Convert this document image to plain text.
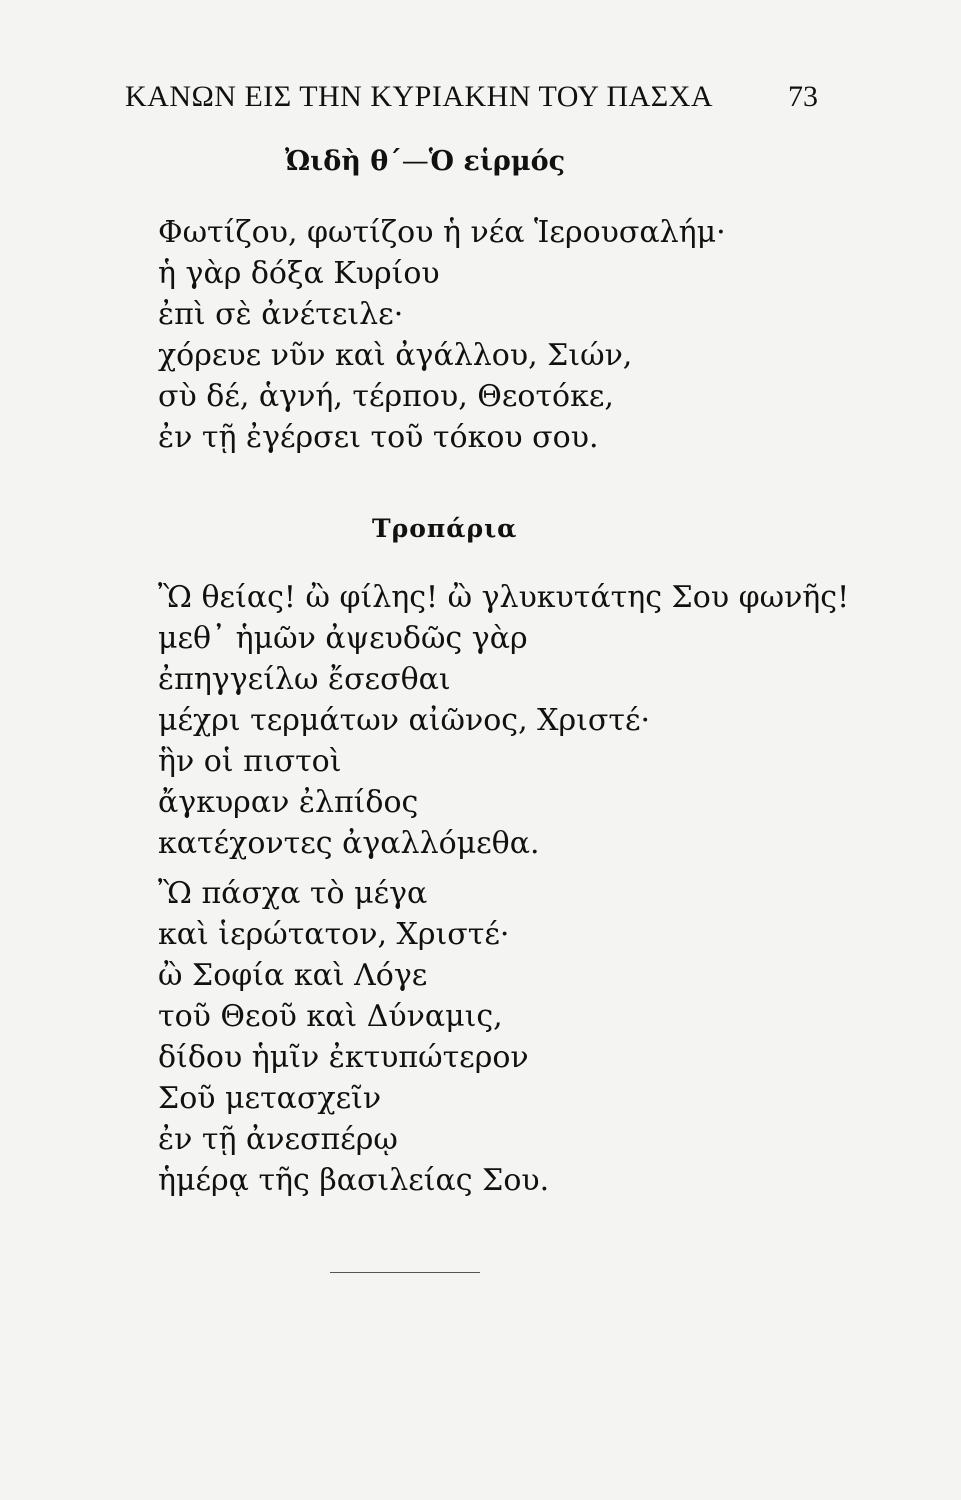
ΚΑΝΩΝ ΕΙΣ ΤΗΝ ΚΥΡΙΑΚΗΝ ΤΟΥ ΠΑΣΧΑ 73
Ὠιδὴ θ΄—Ὁ εἱρμός
Φωτίζου, φωτίζου ἡ νέα Ἱερουσαλήμ·
ἡ γὰρ δόξα Κυρίου
ἐπὶ σὲ ἀνέτειλε·
χόρευε νῦν καὶ ἀγάλλου, Σιών,
σὺ δέ, ἁγνή, τέρπου, Θεοτόκε,
ἐν τῇ ἐγέρσει τοῦ τόκου σου.
Τροπάρια
Ὢ θείας! ὢ φίλης! ὢ γλυκυτάτης Σου φωνῆς!
μεθ᾿ ἡμῶν ἀψευδῶς γὰρ
ἐπηγγείλω ἔσεσθαι
μέχρι τερμάτων αἰῶνος, Χριστέ·
ἣν οἱ πιστοὶ
ἄγκυραν ἐλπίδος
κατέχοντες ἀγαλλόμεθα.
Ὢ πάσχα τὸ μέγα
καὶ ἱερώτατον, Χριστέ·
ὢ Σοφία καὶ Λόγε
τοῦ Θεοῦ καὶ Δύναμις,
δίδου ἡμῖν ἐκτυπώτερον
Σοῦ μετασχεῖν
ἐν τῇ ἀνεσπέρῳ
ἡμέρᾳ τῆς βασιλείας Σου.
